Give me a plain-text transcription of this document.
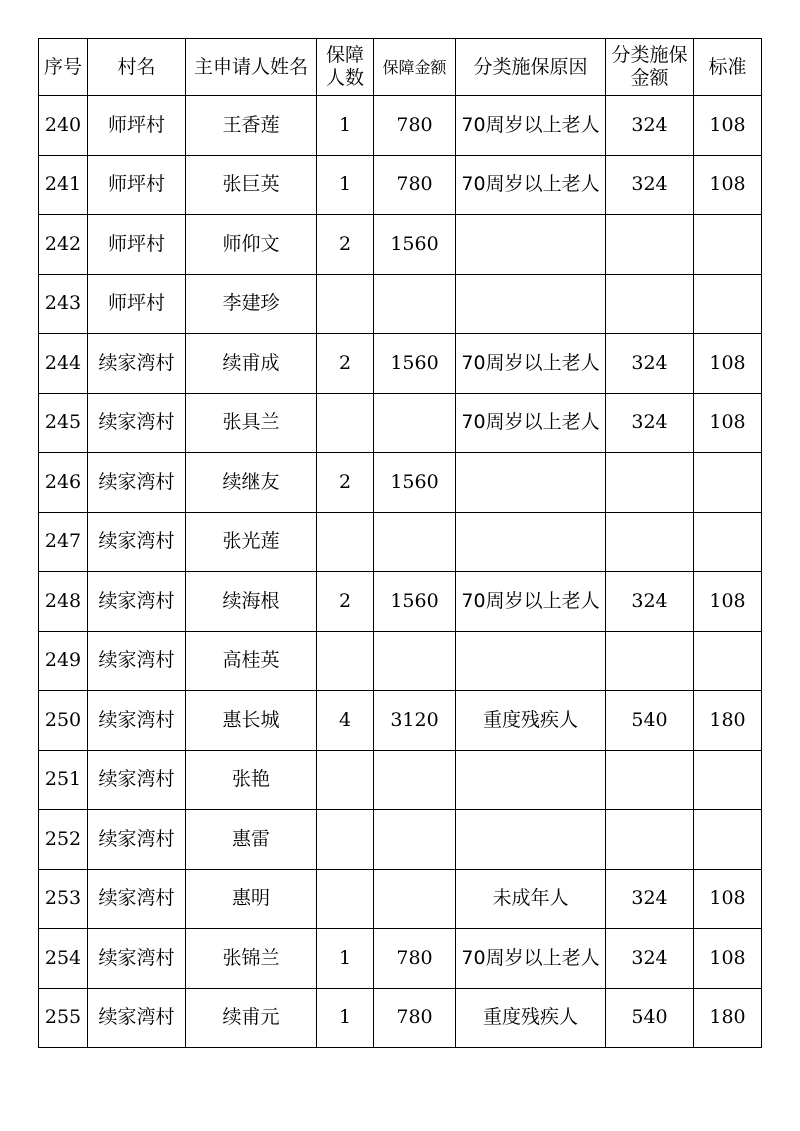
序号	村名	主申请人姓名	保障人数	保障金额	分类施保原因	分类施保金额	标准
240	师坪村	王香莲	1	780	70周岁以上老人	324	108
241	师坪村	张巨英	1	780	70周岁以上老人	324	108
242	师坪村	师仰文	2	1560			
243	师坪村	李建珍					
244	续家湾村	续甫成	2	1560	70周岁以上老人	324	108
245	续家湾村	张具兰			70周岁以上老人	324	108
246	续家湾村	续继友	2	1560			
247	续家湾村	张光莲					
248	续家湾村	续海根	2	1560	70周岁以上老人	324	108
249	续家湾村	高桂英					
250	续家湾村	惠长城	4	3120	重度残疾人	540	180
251	续家湾村	张艳					
252	续家湾村	惠雷					
253	续家湾村	惠明			未成年人	324	108
254	续家湾村	张锦兰	1	780	70周岁以上老人	324	108
255	续家湾村	续甫元	1	780	重度残疾人	540	180
